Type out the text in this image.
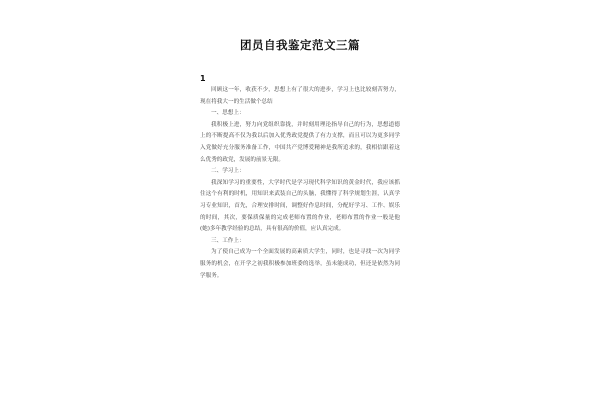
团员自我鉴定范文三篇
1

回顾这一年，收获不少，思想上有了很大的进步，学习上也比较刻苦努力，现在将我大一的生活做个总结

一、思想上：

我积极上进，努力向党组织靠拢，并时刻用理论指导自己的行为，思想道德上的不断提高不仅为我以后加入优秀政党提供了有力支撑，而且可以为更多同学入党做好充分服务准备工作，中国共产党博爱精神是我所追求的，我相信跟着这么优秀的政党，发展的前景无限。

二、学习上：

我深知学习的重要性，大学时代是学习现代科学知识的黄金时代，我应该抓住这个有利的时机，用知识来武装自己的头脑，我懂得了科学规划生涯，认真学习专业知识，首先，合理安排时间，调整好作息时间，分配好学习、工作、娱乐的时间，其次，要保质保量的完成老师布置的作业，老师布置的作业一般是他(她)多年教学经验的总结，具有很高的价值，应认真完成。

三、工作上：

为了使自己成为一个全面发展的高素质大学生，同时，也是寻找一次为同学服务的机会，在开学之初我积极参加班委的选举，虽未能成功，但还是依然为同学服务。
